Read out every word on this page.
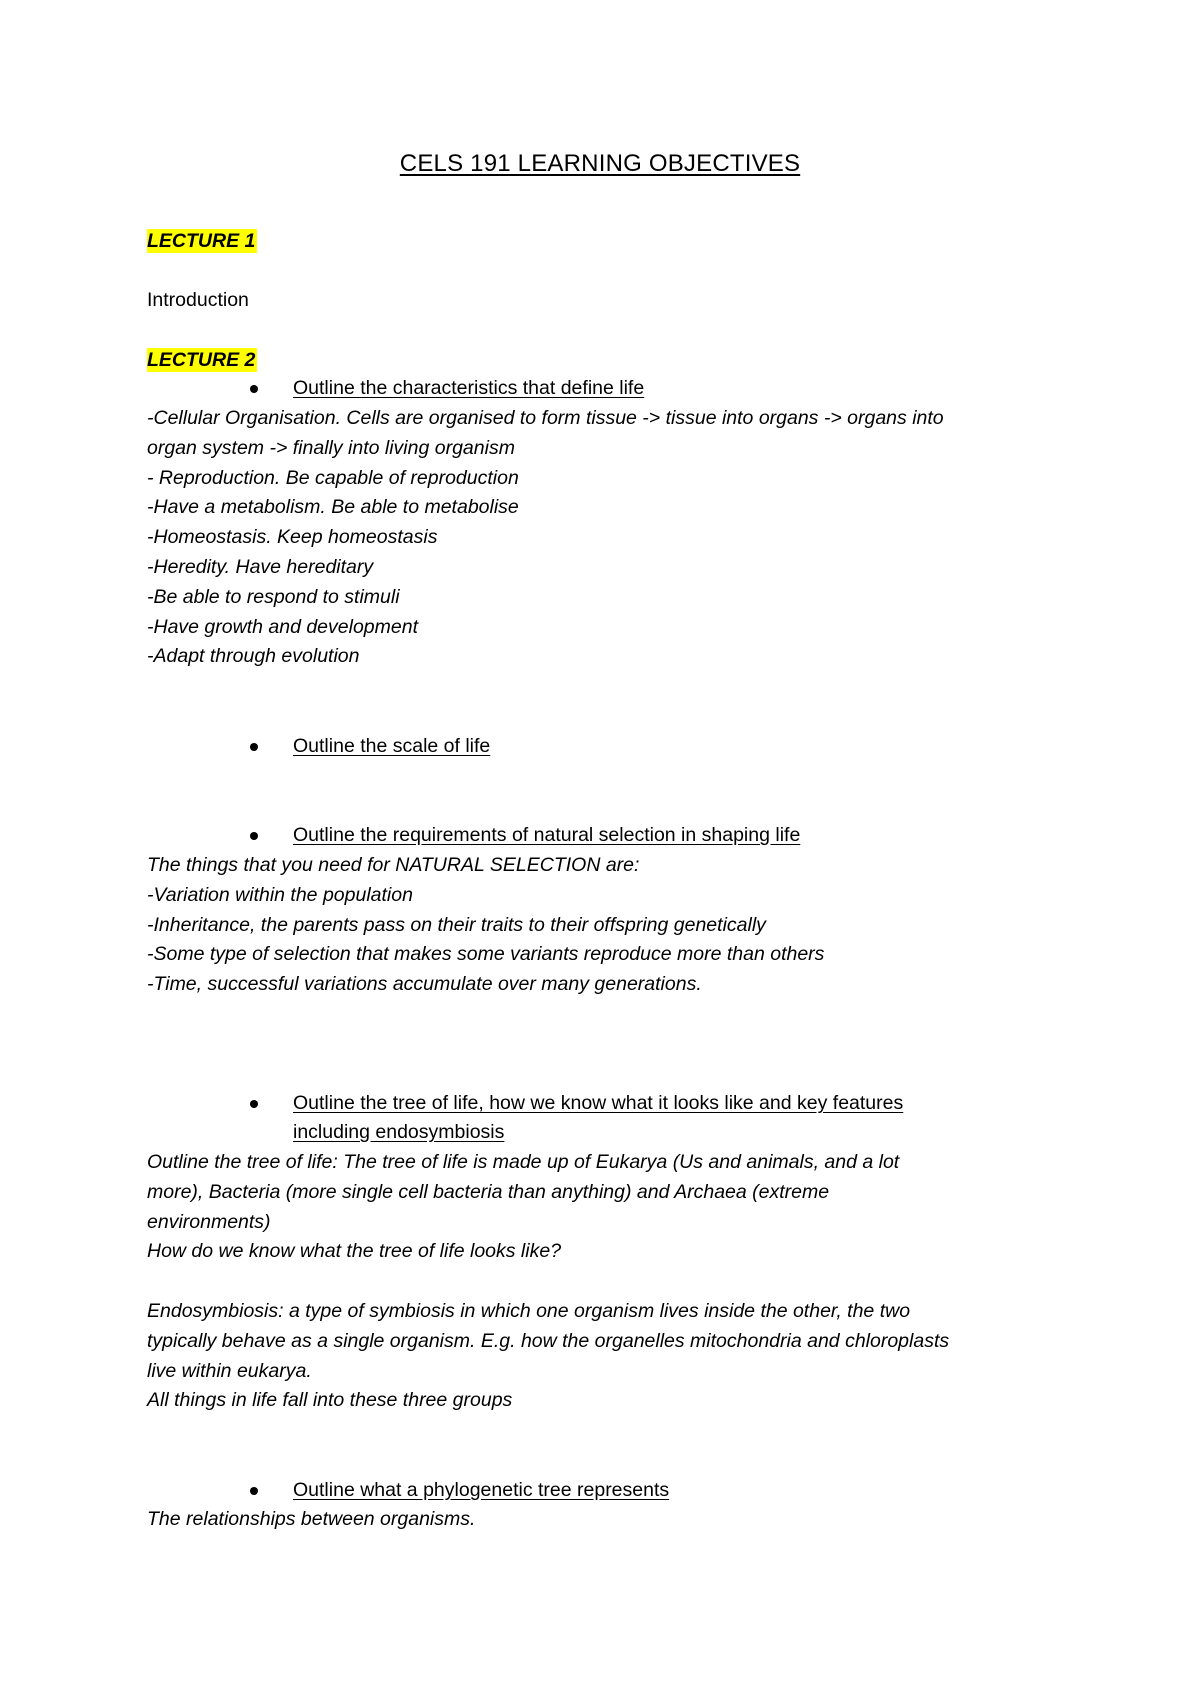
CELS 191 LEARNING OBJECTIVES
LECTURE 1
Introduction
LECTURE 2
Outline the characteristics that define life
-Cellular Organisation. Cells are organised to form tissue -> tissue into organs -> organs into
organ system -> finally into living organism
- Reproduction. Be capable of reproduction
-Have a metabolism. Be able to metabolise
-Homeostasis. Keep homeostasis
-Heredity. Have hereditary
-Be able to respond to stimuli
-Have growth and development
-Adapt through evolution
Outline the scale of life
Outline the requirements of natural selection in shaping life
The things that you need for NATURAL SELECTION are:
-Variation within the population
-Inheritance, the parents pass on their traits to their offspring genetically
-Some type of selection that makes some variants reproduce more than others
-Time, successful variations accumulate over many generations.
Outline the tree of life, how we know what it looks like and key features
including endosymbiosis
Outline the tree of life: The tree of life is made up of Eukarya (Us and animals, and a lot
more), Bacteria (more single cell bacteria than anything) and Archaea (extreme
environments)
How do we know what the tree of life looks like?
Endosymbiosis: a type of symbiosis in which one organism lives inside the other, the two
typically behave as a single organism. E.g. how the organelles mitochondria and chloroplasts
live within eukarya.
All things in life fall into these three groups
Outline what a phylogenetic tree represents
The relationships between organisms.
